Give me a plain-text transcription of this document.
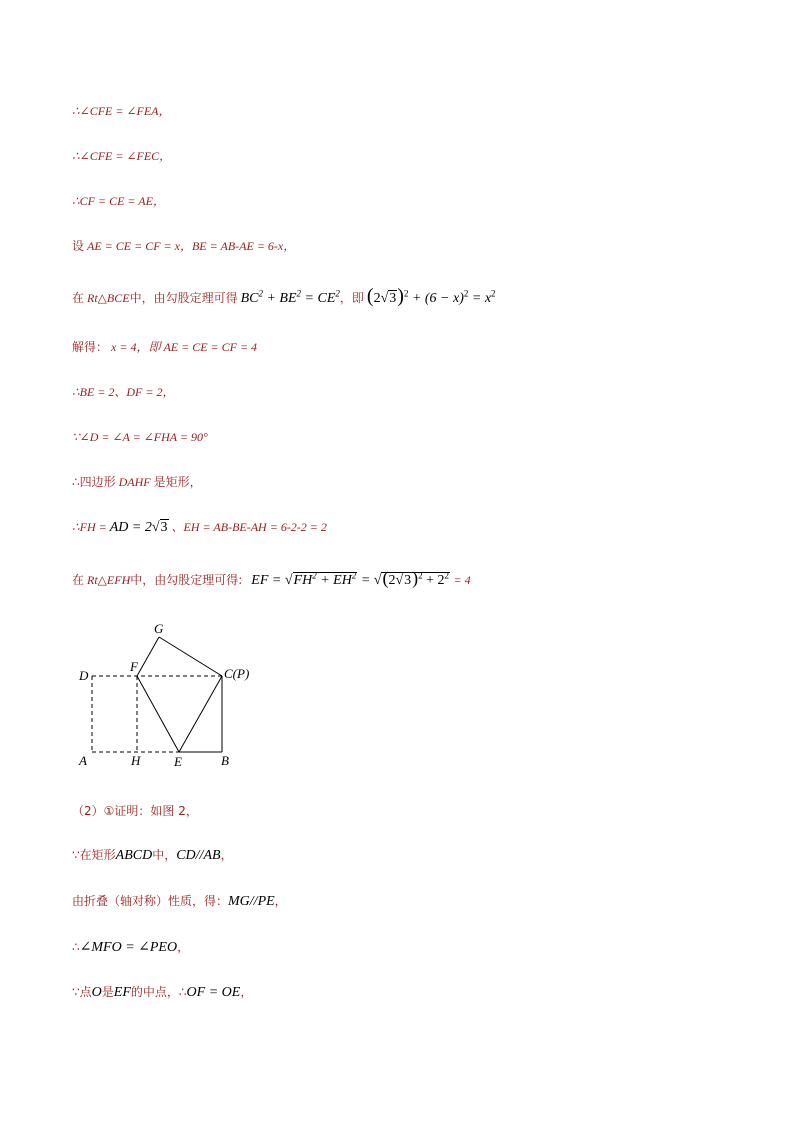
∴∠CFE = ∠FEA，
∴∠CFE = ∠FEC，
∴CF = CE = AE，
设 AE = CE = CF = x，BE = AB-AE = 6-x，
在 Rt△BCE中，由勾股定理可得 $BC^2 + BE^2 = CE^2$，即 $(2√3)^2 + (6 - x)^2 = x^2$
解得： x = 4，即 AE = CE = CF = 4
∴BE = 2、DF = 2，
∵∠D = ∠A = ∠FHA = 90°
∴四边形 DAHF 是矩形，
∴FH = AD = 2√3 、EH = AB-BE-AH = 6-2-2 = 2
在 Rt△EFH中，由勾股定理可得: EF = $√FH^2 + EH^2 = √(2√3)^2 + 2^2 = 4$
G
D
F	C(P)
A	H	E	B
（2）①证明：如图 2，
∵在矩形ABCD中，CD//AB，
由折叠（轴对称）性质，得：MG//PE，
∴∠MFO = ∠PEO，
∵点O是EF的中点，∴OF = OE，
